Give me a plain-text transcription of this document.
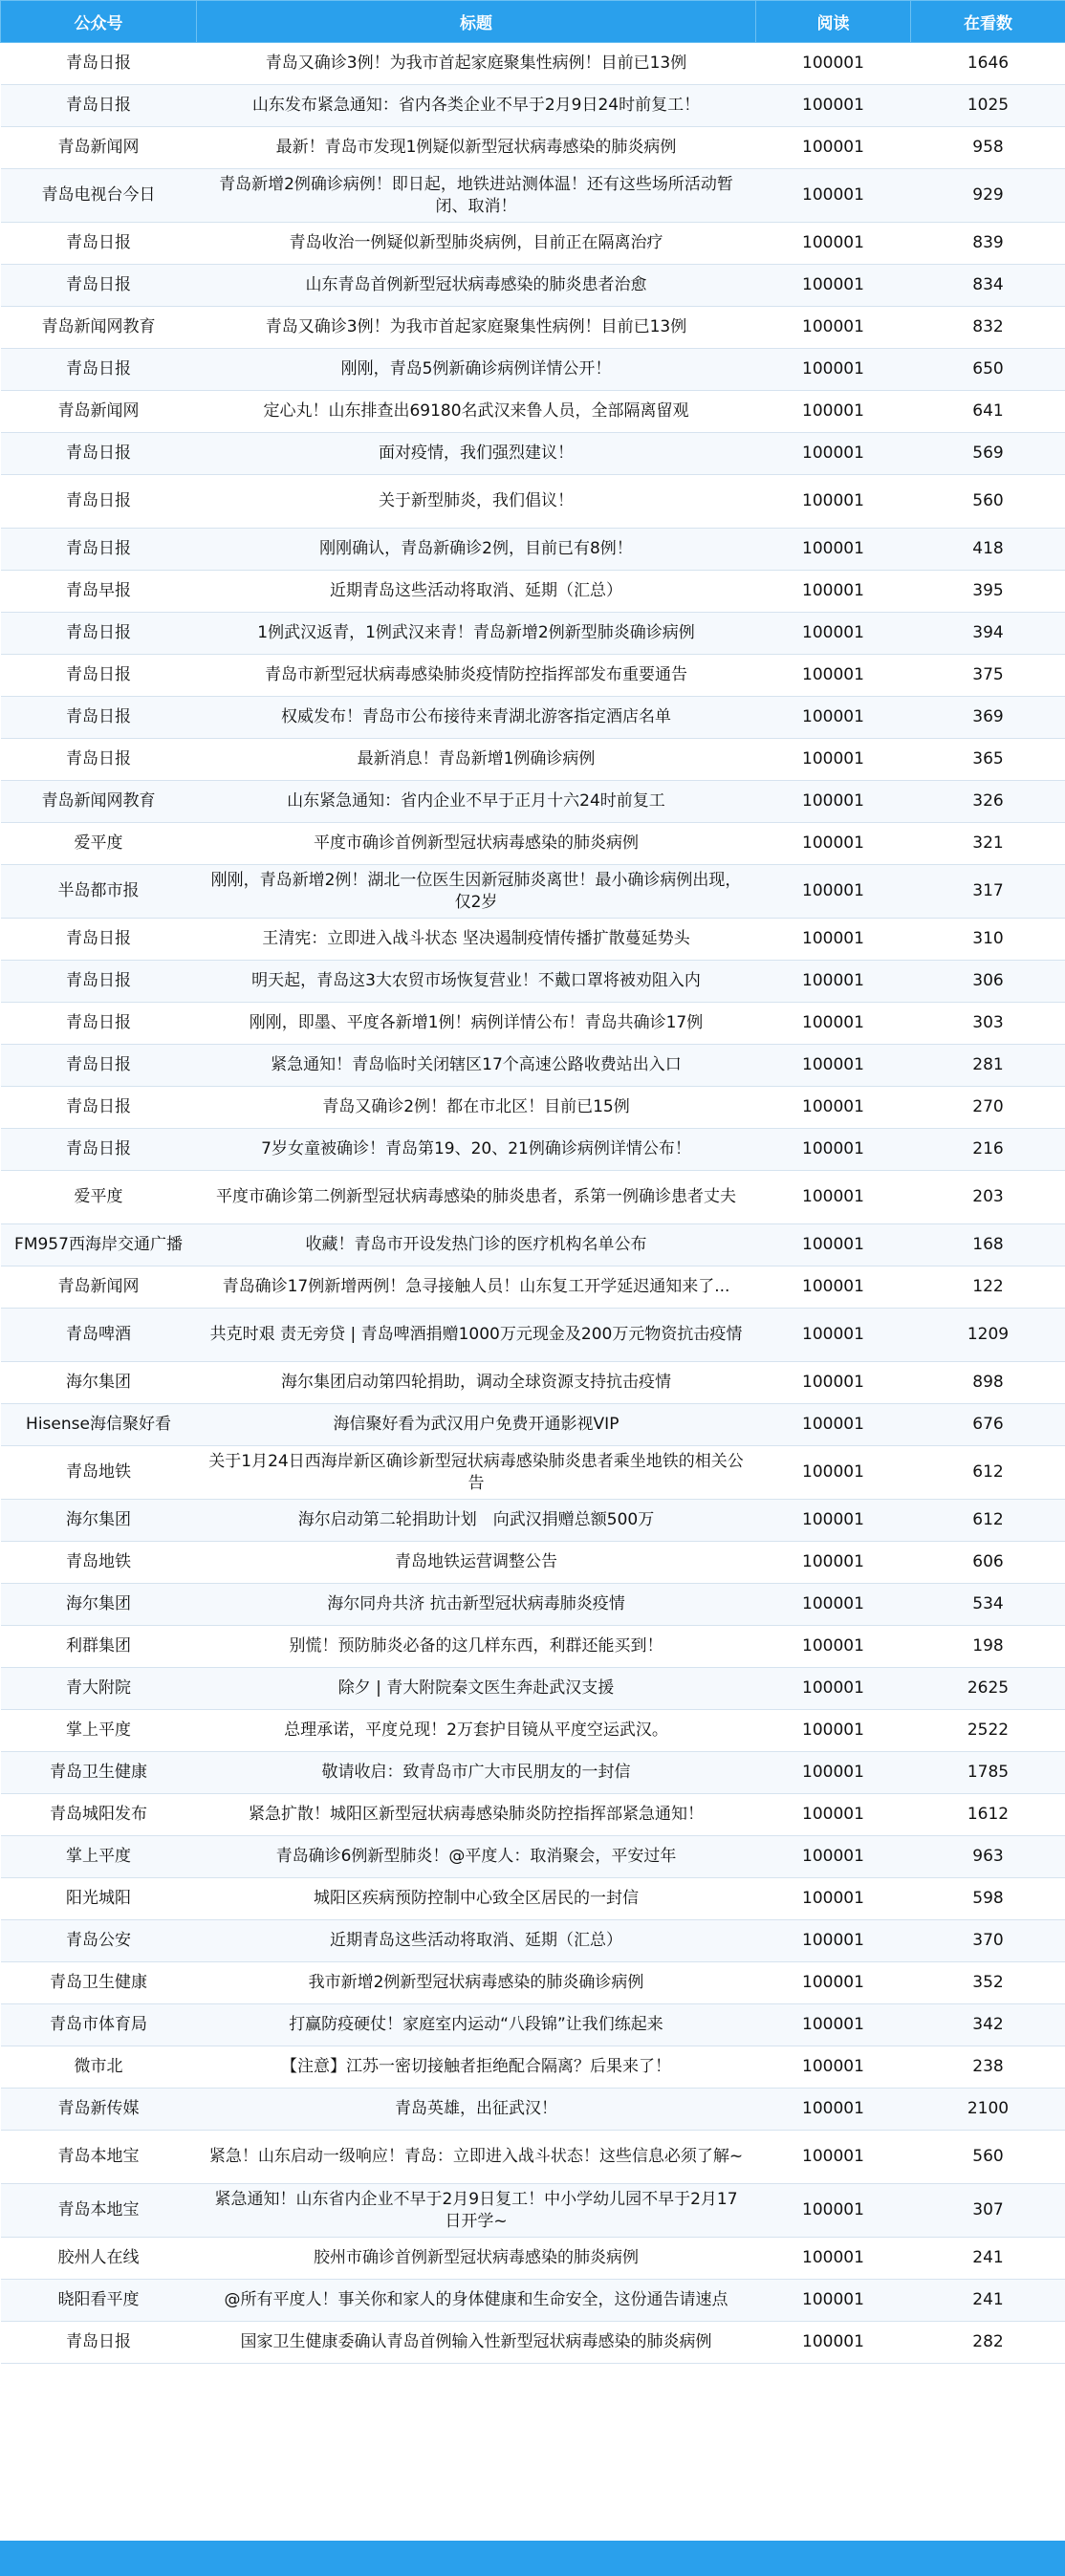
公众号	标题	阅读	在看数
青岛日报	青岛又确诊3例！为我市首起家庭聚集性病例！目前已13例	100001	1646
青岛日报	山东发布紧急通知：省内各类企业不早于2月9日24时前复工！	100001	1025
青岛新闻网	最新！青岛市发现1例疑似新型冠状病毒感染的肺炎病例	100001	958
青岛电视台今日	青岛新增2例确诊病例！即日起，地铁进站测体温！还有这些场所活动暂闭、取消！	100001	929
青岛日报	青岛收治一例疑似新型肺炎病例，目前正在隔离治疗	100001	839
青岛日报	山东青岛首例新型冠状病毒感染的肺炎患者治愈	100001	834
青岛新闻网教育	青岛又确诊3例！为我市首起家庭聚集性病例！目前已13例	100001	832
青岛日报	刚刚，青岛5例新确诊病例详情公开！	100001	650
青岛新闻网	定心丸！山东排查出69180名武汉来鲁人员，全部隔离留观	100001	641
青岛日报	面对疫情，我们强烈建议！	100001	569
青岛日报	关于新型肺炎，我们倡议！	100001	560
青岛日报	刚刚确认，青岛新确诊2例，目前已有8例！	100001	418
青岛早报	近期青岛这些活动将取消、延期（汇总）	100001	395
青岛日报	1例武汉返青，1例武汉来青！青岛新增2例新型肺炎确诊病例	100001	394
青岛日报	青岛市新型冠状病毒感染肺炎疫情防控指挥部发布重要通告	100001	375
青岛日报	权威发布！青岛市公布接待来青湖北游客指定酒店名单	100001	369
青岛日报	最新消息！青岛新增1例确诊病例	100001	365
青岛新闻网教育	山东紧急通知：省内企业不早于正月十六24时前复工	100001	326
爱平度	平度市确诊首例新型冠状病毒感染的肺炎病例	100001	321
半岛都市报	刚刚，青岛新增2例！湖北一位医生因新冠肺炎离世！最小确诊病例出现，仅2岁	100001	317
青岛日报	王清宪：立即进入战斗状态 坚决遏制疫情传播扩散蔓延势头	100001	310
青岛日报	明天起，青岛这3大农贸市场恢复营业！不戴口罩将被劝阻入内	100001	306
青岛日报	刚刚，即墨、平度各新增1例！病例详情公布！青岛共确诊17例	100001	303
青岛日报	紧急通知！青岛临时关闭辖区17个高速公路收费站出入口	100001	281
青岛日报	青岛又确诊2例！都在市北区！目前已15例	100001	270
青岛日报	7岁女童被确诊！青岛第19、20、21例确诊病例详情公布！	100001	216
爱平度	平度市确诊第二例新型冠状病毒感染的肺炎患者，系第一例确诊患者丈夫	100001	203
FM957西海岸交通广播	收藏！青岛市开设发热门诊的医疗机构名单公布	100001	168
青岛新闻网	青岛确诊17例新增两例！急寻接触人员！山东复工开学延迟通知来了...	100001	122
青岛啤酒	共克时艰 责无旁贷 | 青岛啤酒捐赠1000万元现金及200万元物资抗击疫情	100001	1209
海尔集团	海尔集团启动第四轮捐助，调动全球资源支持抗击疫情	100001	898
Hisense海信聚好看	海信聚好看为武汉用户免费开通影视VIP	100001	676
青岛地铁	关于1月24日西海岸新区确诊新型冠状病毒感染肺炎患者乘坐地铁的相关公告	100001	612
海尔集团	海尔启动第二轮捐助计划　向武汉捐赠总额500万	100001	612
青岛地铁	青岛地铁运营调整公告	100001	606
海尔集团	海尔同舟共济 抗击新型冠状病毒肺炎疫情	100001	534
利群集团	别慌！预防肺炎必备的这几样东西，利群还能买到！	100001	198
青大附院	除夕 | 青大附院秦文医生奔赴武汉支援	100001	2625
掌上平度	总理承诺，平度兑现！2万套护目镜从平度空运武汉。	100001	2522
青岛卫生健康	敬请收启：致青岛市广大市民朋友的一封信	100001	1785
青岛城阳发布	紧急扩散！城阳区新型冠状病毒感染肺炎防控指挥部紧急通知！	100001	1612
掌上平度	青岛确诊6例新型肺炎！@平度人：取消聚会，平安过年	100001	963
阳光城阳	城阳区疾病预防控制中心致全区居民的一封信	100001	598
青岛公安	近期青岛这些活动将取消、延期（汇总）	100001	370
青岛卫生健康	我市新增2例新型冠状病毒感染的肺炎确诊病例	100001	352
青岛市体育局	打赢防疫硬仗！家庭室内运动“八段锦”让我们练起来	100001	342
微市北	【注意】江苏一密切接触者拒绝配合隔离？后果来了！	100001	238
青岛新传媒	青岛英雄，出征武汉！	100001	2100
青岛本地宝	紧急！山东启动一级响应！青岛：立即进入战斗状态！这些信息必须了解~	100001	560
青岛本地宝	紧急通知！山东省内企业不早于2月9日复工！中小学幼儿园不早于2月17日开学~	100001	307
胶州人在线	胶州市确诊首例新型冠状病毒感染的肺炎病例	100001	241
晓阳看平度	@所有平度人！事关你和家人的身体健康和生命安全，这份通告请速点	100001	241
青岛日报	国家卫生健康委确认青岛首例输入性新型冠状病毒感染的肺炎病例	100001	282
